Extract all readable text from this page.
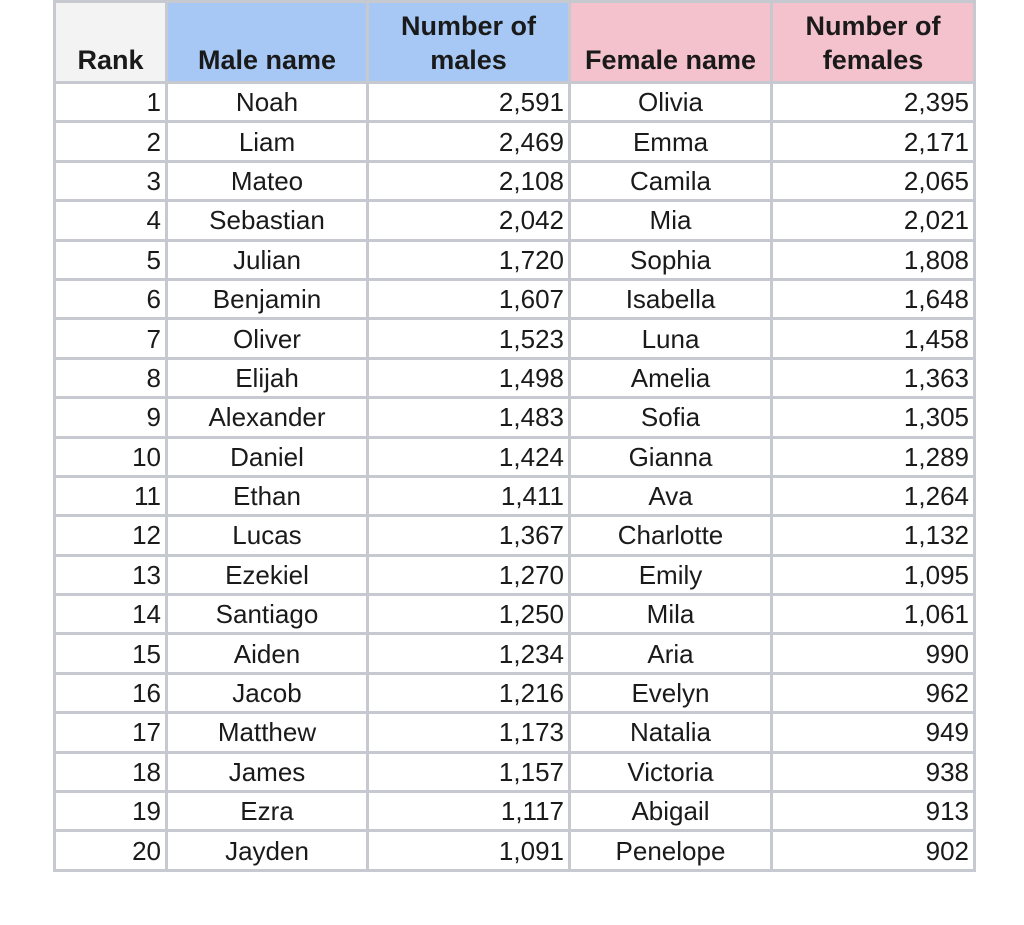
Rank	Male name	Number of males	Female name	Number of females
1	Noah	2,591	Olivia	2,395
2	Liam	2,469	Emma	2,171
3	Mateo	2,108	Camila	2,065
4	Sebastian	2,042	Mia	2,021
5	Julian	1,720	Sophia	1,808
6	Benjamin	1,607	Isabella	1,648
7	Oliver	1,523	Luna	1,458
8	Elijah	1,498	Amelia	1,363
9	Alexander	1,483	Sofia	1,305
10	Daniel	1,424	Gianna	1,289
11	Ethan	1,411	Ava	1,264
12	Lucas	1,367	Charlotte	1,132
13	Ezekiel	1,270	Emily	1,095
14	Santiago	1,250	Mila	1,061
15	Aiden	1,234	Aria	990
16	Jacob	1,216	Evelyn	962
17	Matthew	1,173	Natalia	949
18	James	1,157	Victoria	938
19	Ezra	1,117	Abigail	913
20	Jayden	1,091	Penelope	902
